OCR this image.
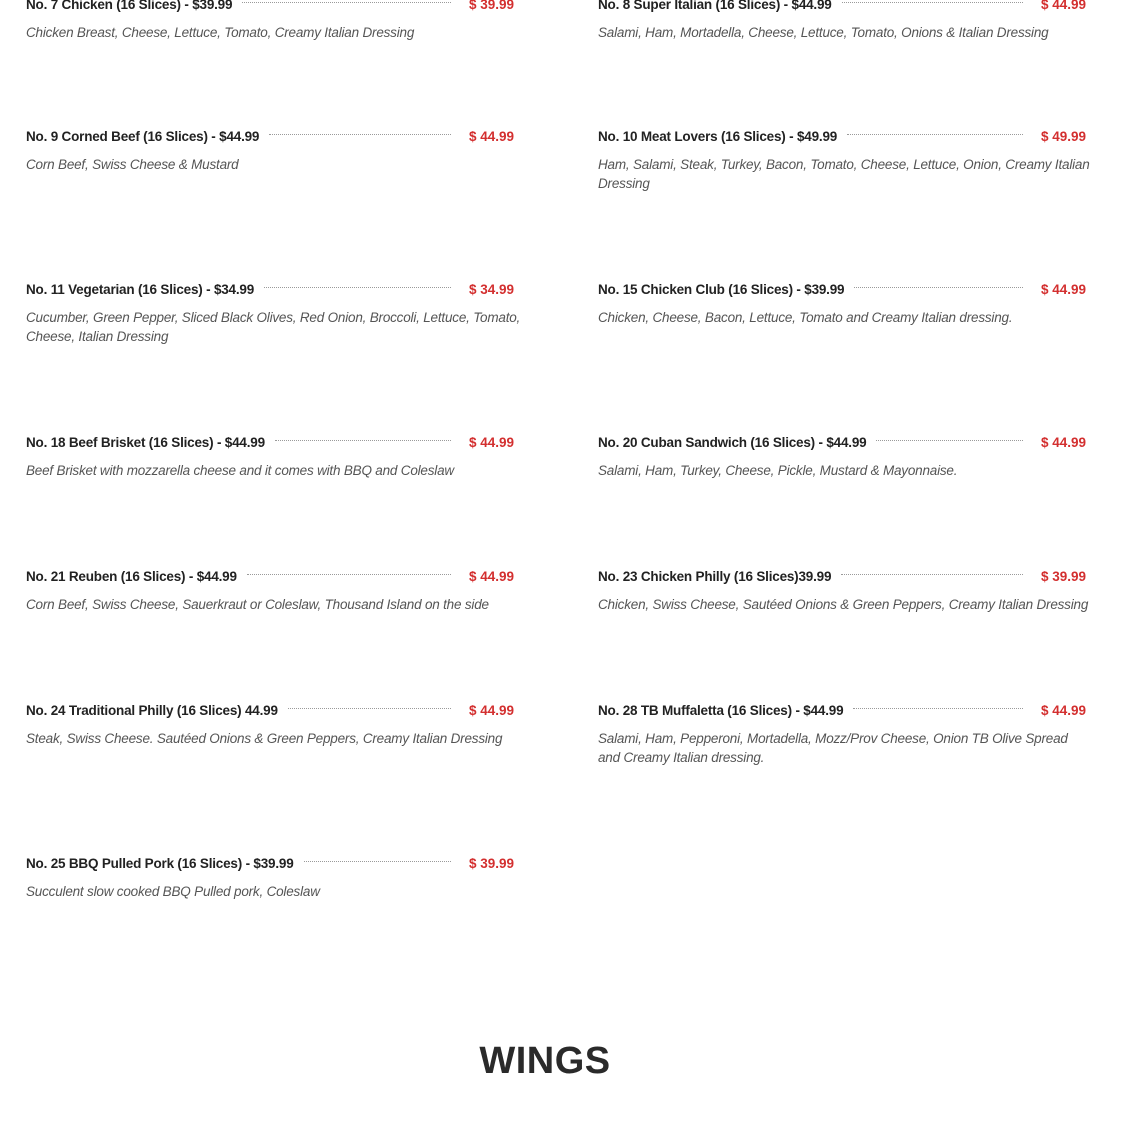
No. 7 Chicken (16 Slices) - $39.99	$ 39.99
Chicken Breast, Cheese, Lettuce, Tomato, Creamy Italian Dressing
No. 8 Super Italian (16 Slices) - $44.99	$ 44.99
Salami, Ham, Mortadella, Cheese, Lettuce, Tomato, Onions & Italian Dressing
No. 9 Corned Beef (16 Slices) - $44.99	$ 44.99
Corn Beef, Swiss Cheese & Mustard
No. 10 Meat Lovers (16 Slices) - $49.99	$ 49.99
Ham, Salami, Steak, Turkey, Bacon, Tomato, Cheese, Lettuce, Onion, Creamy Italian Dressing
No. 11 Vegetarian (16 Slices) - $34.99	$ 34.99
Cucumber, Green Pepper, Sliced Black Olives, Red Onion, Broccoli, Lettuce, Tomato, Cheese, Italian Dressing
No. 15 Chicken Club (16 Slices) - $39.99	$ 44.99
Chicken, Cheese, Bacon, Lettuce, Tomato and Creamy Italian dressing.
No. 18 Beef Brisket (16 Slices) - $44.99	$ 44.99
Beef Brisket with mozzarella cheese and it comes with BBQ and Coleslaw
No. 20 Cuban Sandwich (16 Slices) - $44.99	$ 44.99
Salami, Ham, Turkey, Cheese, Pickle, Mustard & Mayonnaise.
No. 21 Reuben (16 Slices) - $44.99	$ 44.99
Corn Beef, Swiss Cheese, Sauerkraut or Coleslaw, Thousand Island on the side
No. 23 Chicken Philly (16 Slices)39.99	$ 39.99
Chicken, Swiss Cheese, Sautéed Onions & Green Peppers, Creamy Italian Dressing
No. 24 Traditional Philly (16 Slices) 44.99	$ 44.99
Steak, Swiss Cheese. Sautéed Onions & Green Peppers, Creamy Italian Dressing
No. 28 TB Muffaletta (16 Slices) - $44.99	$ 44.99
Salami, Ham, Pepperoni, Mortadella, Mozz/Prov Cheese, Onion TB Olive Spread and Creamy Italian dressing.
No. 25 BBQ Pulled Pork (16 Slices) - $39.99	$ 39.99
Succulent slow cooked BBQ Pulled pork, Coleslaw
WINGS
